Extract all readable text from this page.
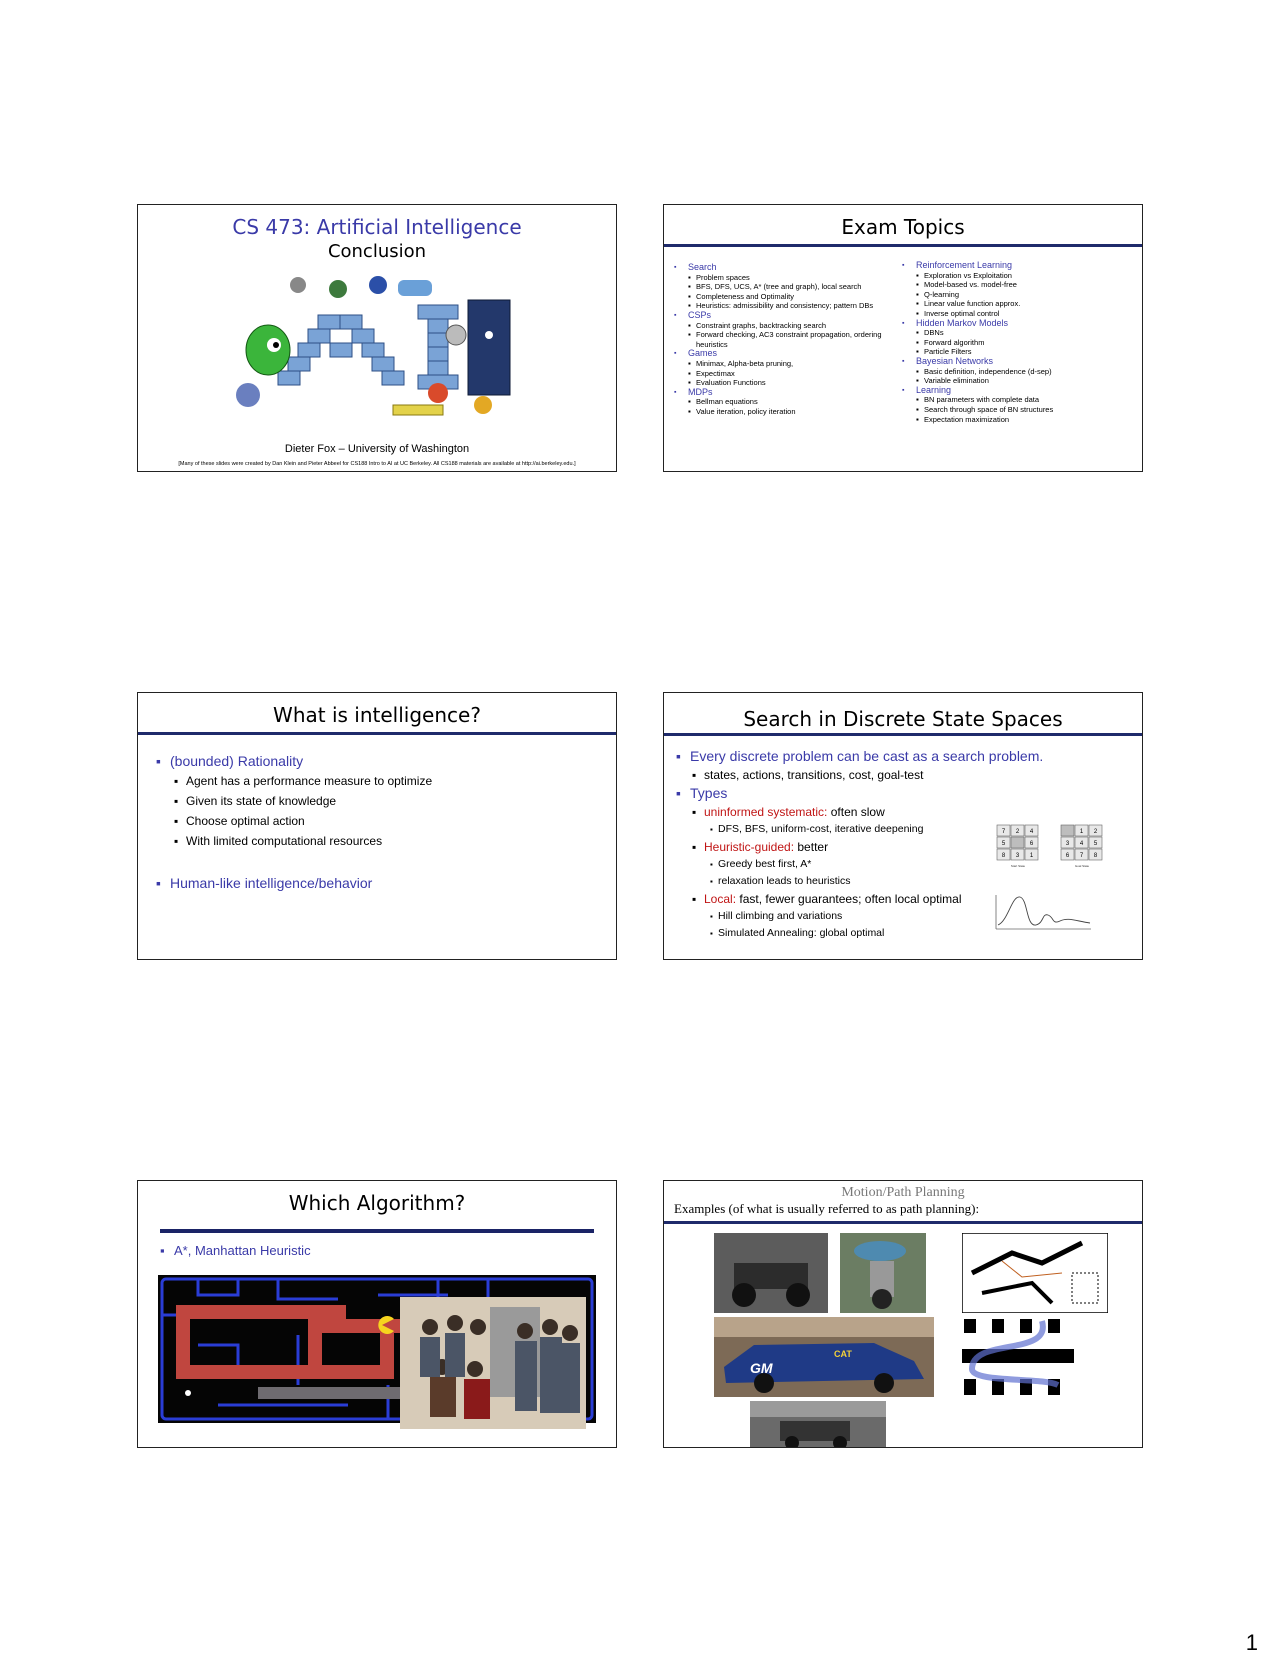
CS 473: Artificial Intelligence
Conclusion
AI
Dieter Fox – University of Washington
[Many of these slides were created by Dan Klein and Pieter Abbeel for CS188 Intro to AI at UC Berkeley. All CS188 materials are available at http://ai.berkeley.edu.]
Exam Topics
▪ Search
▪ Problem spaces
▪ BFS, DFS, UCS, A* (tree and graph), local search
▪ Completeness and Optimality
▪ Heuristics: admissibility and consistency; pattern DBs
▪ CSPs
▪ Constraint graphs, backtracking search
▪ Forward checking, AC3 constraint propagation, ordering heuristics
▪ Games
▪ Minimax, Alpha-beta pruning,
▪ Expectimax
▪ Evaluation Functions
▪ MDPs
▪ Bellman equations
▪ Value iteration, policy iteration
▪ Reinforcement Learning
▪ Exploration vs Exploitation
▪ Model-based vs. model-free
▪ Q-learning
▪ Linear value function approx.
▪ Inverse optimal control
▪ Hidden Markov Models
▪ DBNs
▪ Forward algorithm
▪ Particle Filters
▪ Bayesian Networks
▪ Basic definition, independence (d-sep)
▪ Variable elimination
▪ Learning
▪ BN parameters with complete data
▪ Search through space of BN structures
▪ Expectation maximization
What is intelligence?
▪ (bounded) Rationality
▪ Agent has a performance measure to optimize
▪ Given its state of knowledge
▪ Choose optimal action
▪ With limited computational resources
▪ Human-like intelligence/behavior
Search in Discrete State Spaces
▪ Every discrete problem can be cast as a search problem.
▪ states, actions, transitions, cost, goal-test
▪ Types
▪ uninformed systematic: often slow
▪ DFS, BFS, uniform-cost, iterative deepening
▪ Heuristic-guided: better
▪ Greedy best first, A*
▪ relaxation leads to heuristics
▪ Local: fast, fewer guarantees; often local optimal
▪ Hill climbing and variations
▪ Simulated Annealing: global optimal
7 2 4
5	6
8 3 1
1 2
3 4 5
6 7 8
Start State	Goal State
Which Algorithm?
▪ A*, Manhattan Heuristic
Motion/Path Planning
Examples (of what is usually referred to as path planning):
GM
CAT
1
